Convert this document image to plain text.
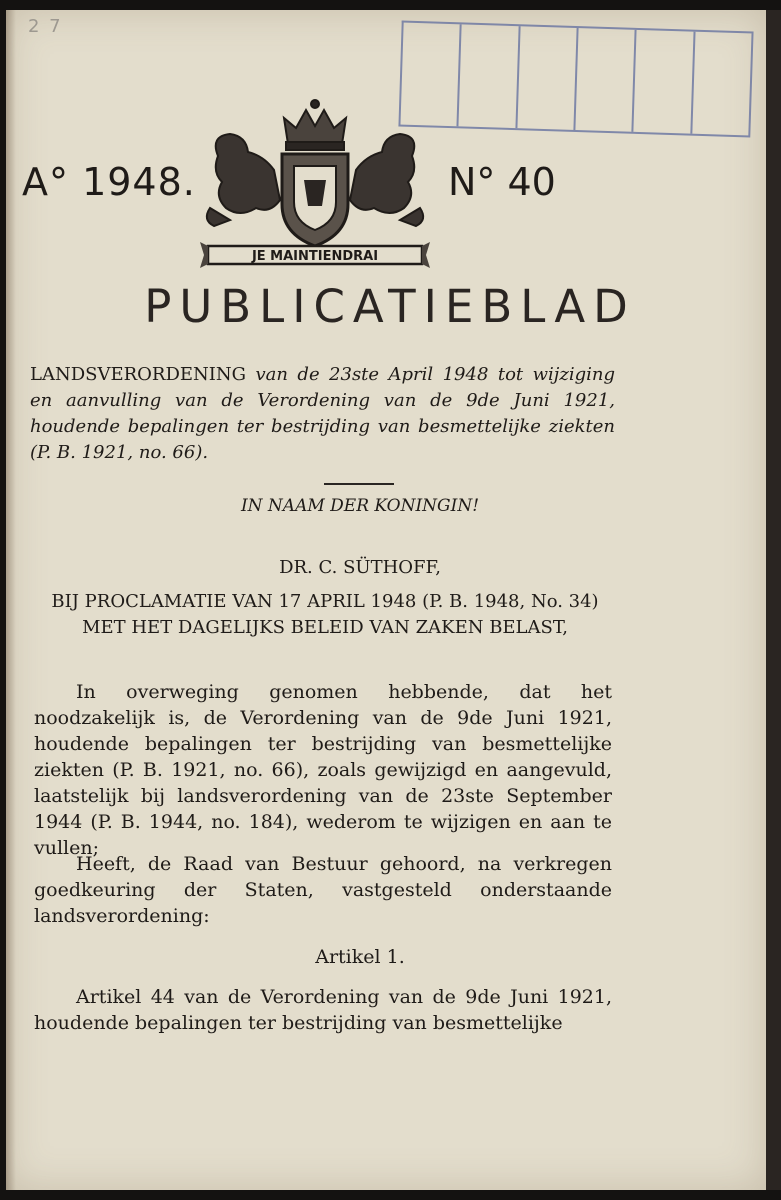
2 7
A° 1948.	N° 40
JE MAINTIENDRAI
PUBLICATIEBLAD

LANDSVERORDENING van de 23ste April 1948 tot wijziging en aanvulling van de Verordening van de 9de Juni 1921, houdende bepalingen ter bestrijding van besmettelijke ziekten (P. B. 1921, no. 66).

IN NAAM DER KONINGIN!

DR. C. SÜTHOFF,

BIJ PROCLAMATIE VAN 17 APRIL 1948 (P. B. 1948, No. 34) MET HET DAGELIJKS BELEID VAN ZAKEN BELAST,

In overweging genomen hebbende, dat het noodzakelijk is, de Verordening van de 9de Juni 1921, houdende bepalingen ter bestrijding van besmettelijke ziekten (P. B. 1921, no. 66), zoals gewijzigd en aangevuld, laatstelijk bij landsverordening van de 23ste September 1944 (P. B. 1944, no. 184), wederom te wijzigen en aan te vullen;

Heeft, de Raad van Bestuur gehoord, na verkregen goedkeuring der Staten, vastgesteld onderstaande landsverordening:

Artikel 1.

Artikel 44 van de Verordening van de 9de Juni 1921, houdende bepalingen ter bestrijding van besmettelijke
